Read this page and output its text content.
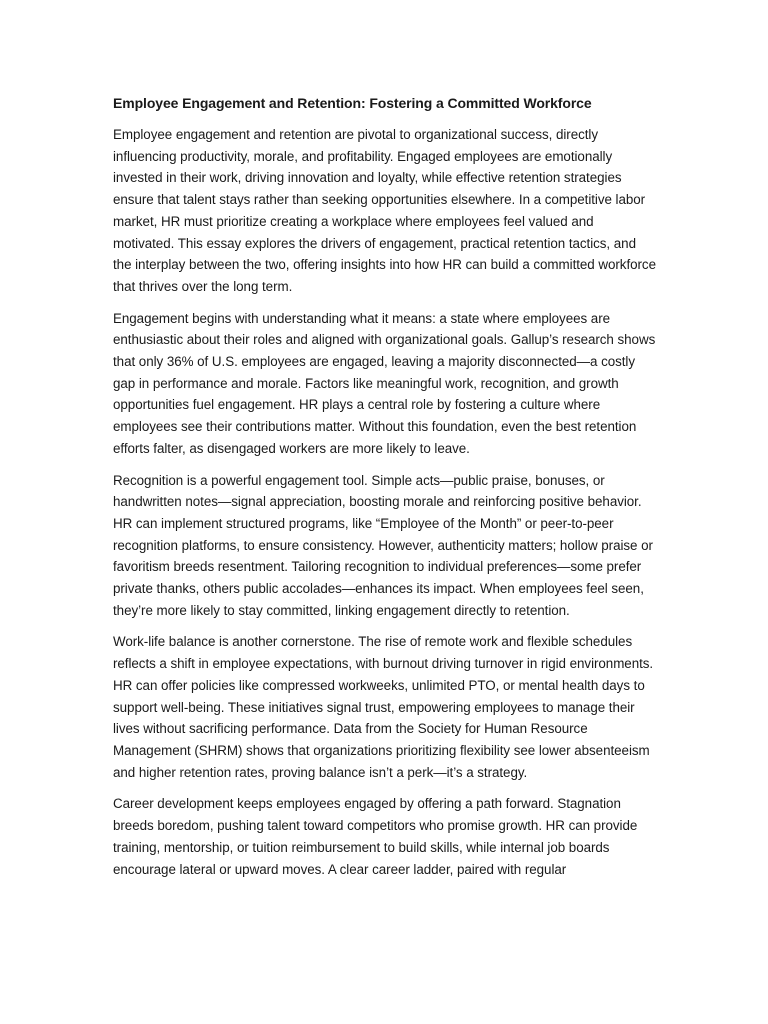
Employee Engagement and Retention: Fostering a Committed Workforce

Employee engagement and retention are pivotal to organizational success, directly influencing productivity, morale, and profitability. Engaged employees are emotionally invested in their work, driving innovation and loyalty, while effective retention strategies ensure that talent stays rather than seeking opportunities elsewhere. In a competitive labor market, HR must prioritize creating a workplace where employees feel valued and motivated. This essay explores the drivers of engagement, practical retention tactics, and the interplay between the two, offering insights into how HR can build a committed workforce that thrives over the long term.

Engagement begins with understanding what it means: a state where employees are enthusiastic about their roles and aligned with organizational goals. Gallup’s research shows that only 36% of U.S. employees are engaged, leaving a majority disconnected—a costly gap in performance and morale. Factors like meaningful work, recognition, and growth opportunities fuel engagement. HR plays a central role by fostering a culture where employees see their contributions matter. Without this foundation, even the best retention efforts falter, as disengaged workers are more likely to leave.

Recognition is a powerful engagement tool. Simple acts—public praise, bonuses, or handwritten notes—signal appreciation, boosting morale and reinforcing positive behavior. HR can implement structured programs, like “Employee of the Month” or peer-to-peer recognition platforms, to ensure consistency. However, authenticity matters; hollow praise or favoritism breeds resentment. Tailoring recognition to individual preferences—some prefer private thanks, others public accolades—enhances its impact. When employees feel seen, they’re more likely to stay committed, linking engagement directly to retention.

Work-life balance is another cornerstone. The rise of remote work and flexible schedules reflects a shift in employee expectations, with burnout driving turnover in rigid environments. HR can offer policies like compressed workweeks, unlimited PTO, or mental health days to support well-being. These initiatives signal trust, empowering employees to manage their lives without sacrificing performance. Data from the Society for Human Resource Management (SHRM) shows that organizations prioritizing flexibility see lower absenteeism and higher retention rates, proving balance isn’t a perk—it’s a strategy.

Career development keeps employees engaged by offering a path forward. Stagnation breeds boredom, pushing talent toward competitors who promise growth. HR can provide training, mentorship, or tuition reimbursement to build skills, while internal job boards encourage lateral or upward moves. A clear career ladder, paired with regular
